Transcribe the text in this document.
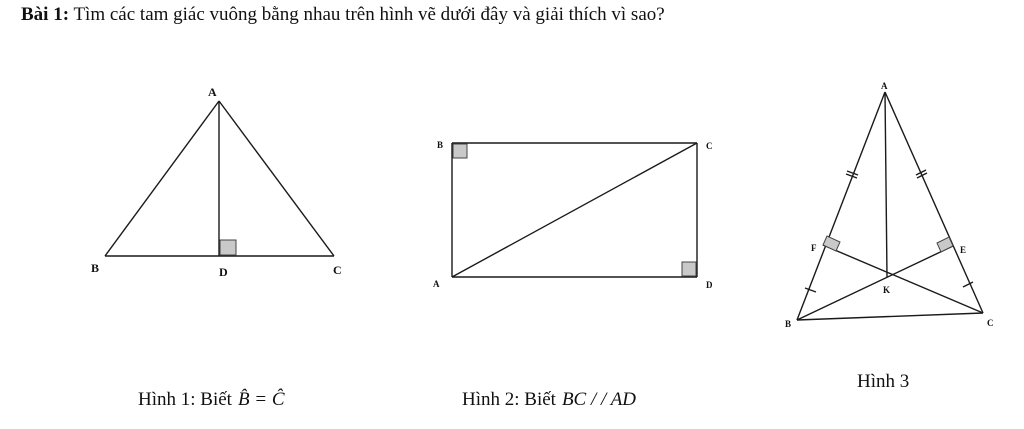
Bài 1: Tìm các tam giác vuông bằng nhau trên hình vẽ dưới đây và giải thích vì sao?
A
B	D	C
B	C
A	D
A
F	E
K
B	C
Hình 1: Biết B̂ = Ĉ	Hình 2: Biết BC / / AD
Hình 3
